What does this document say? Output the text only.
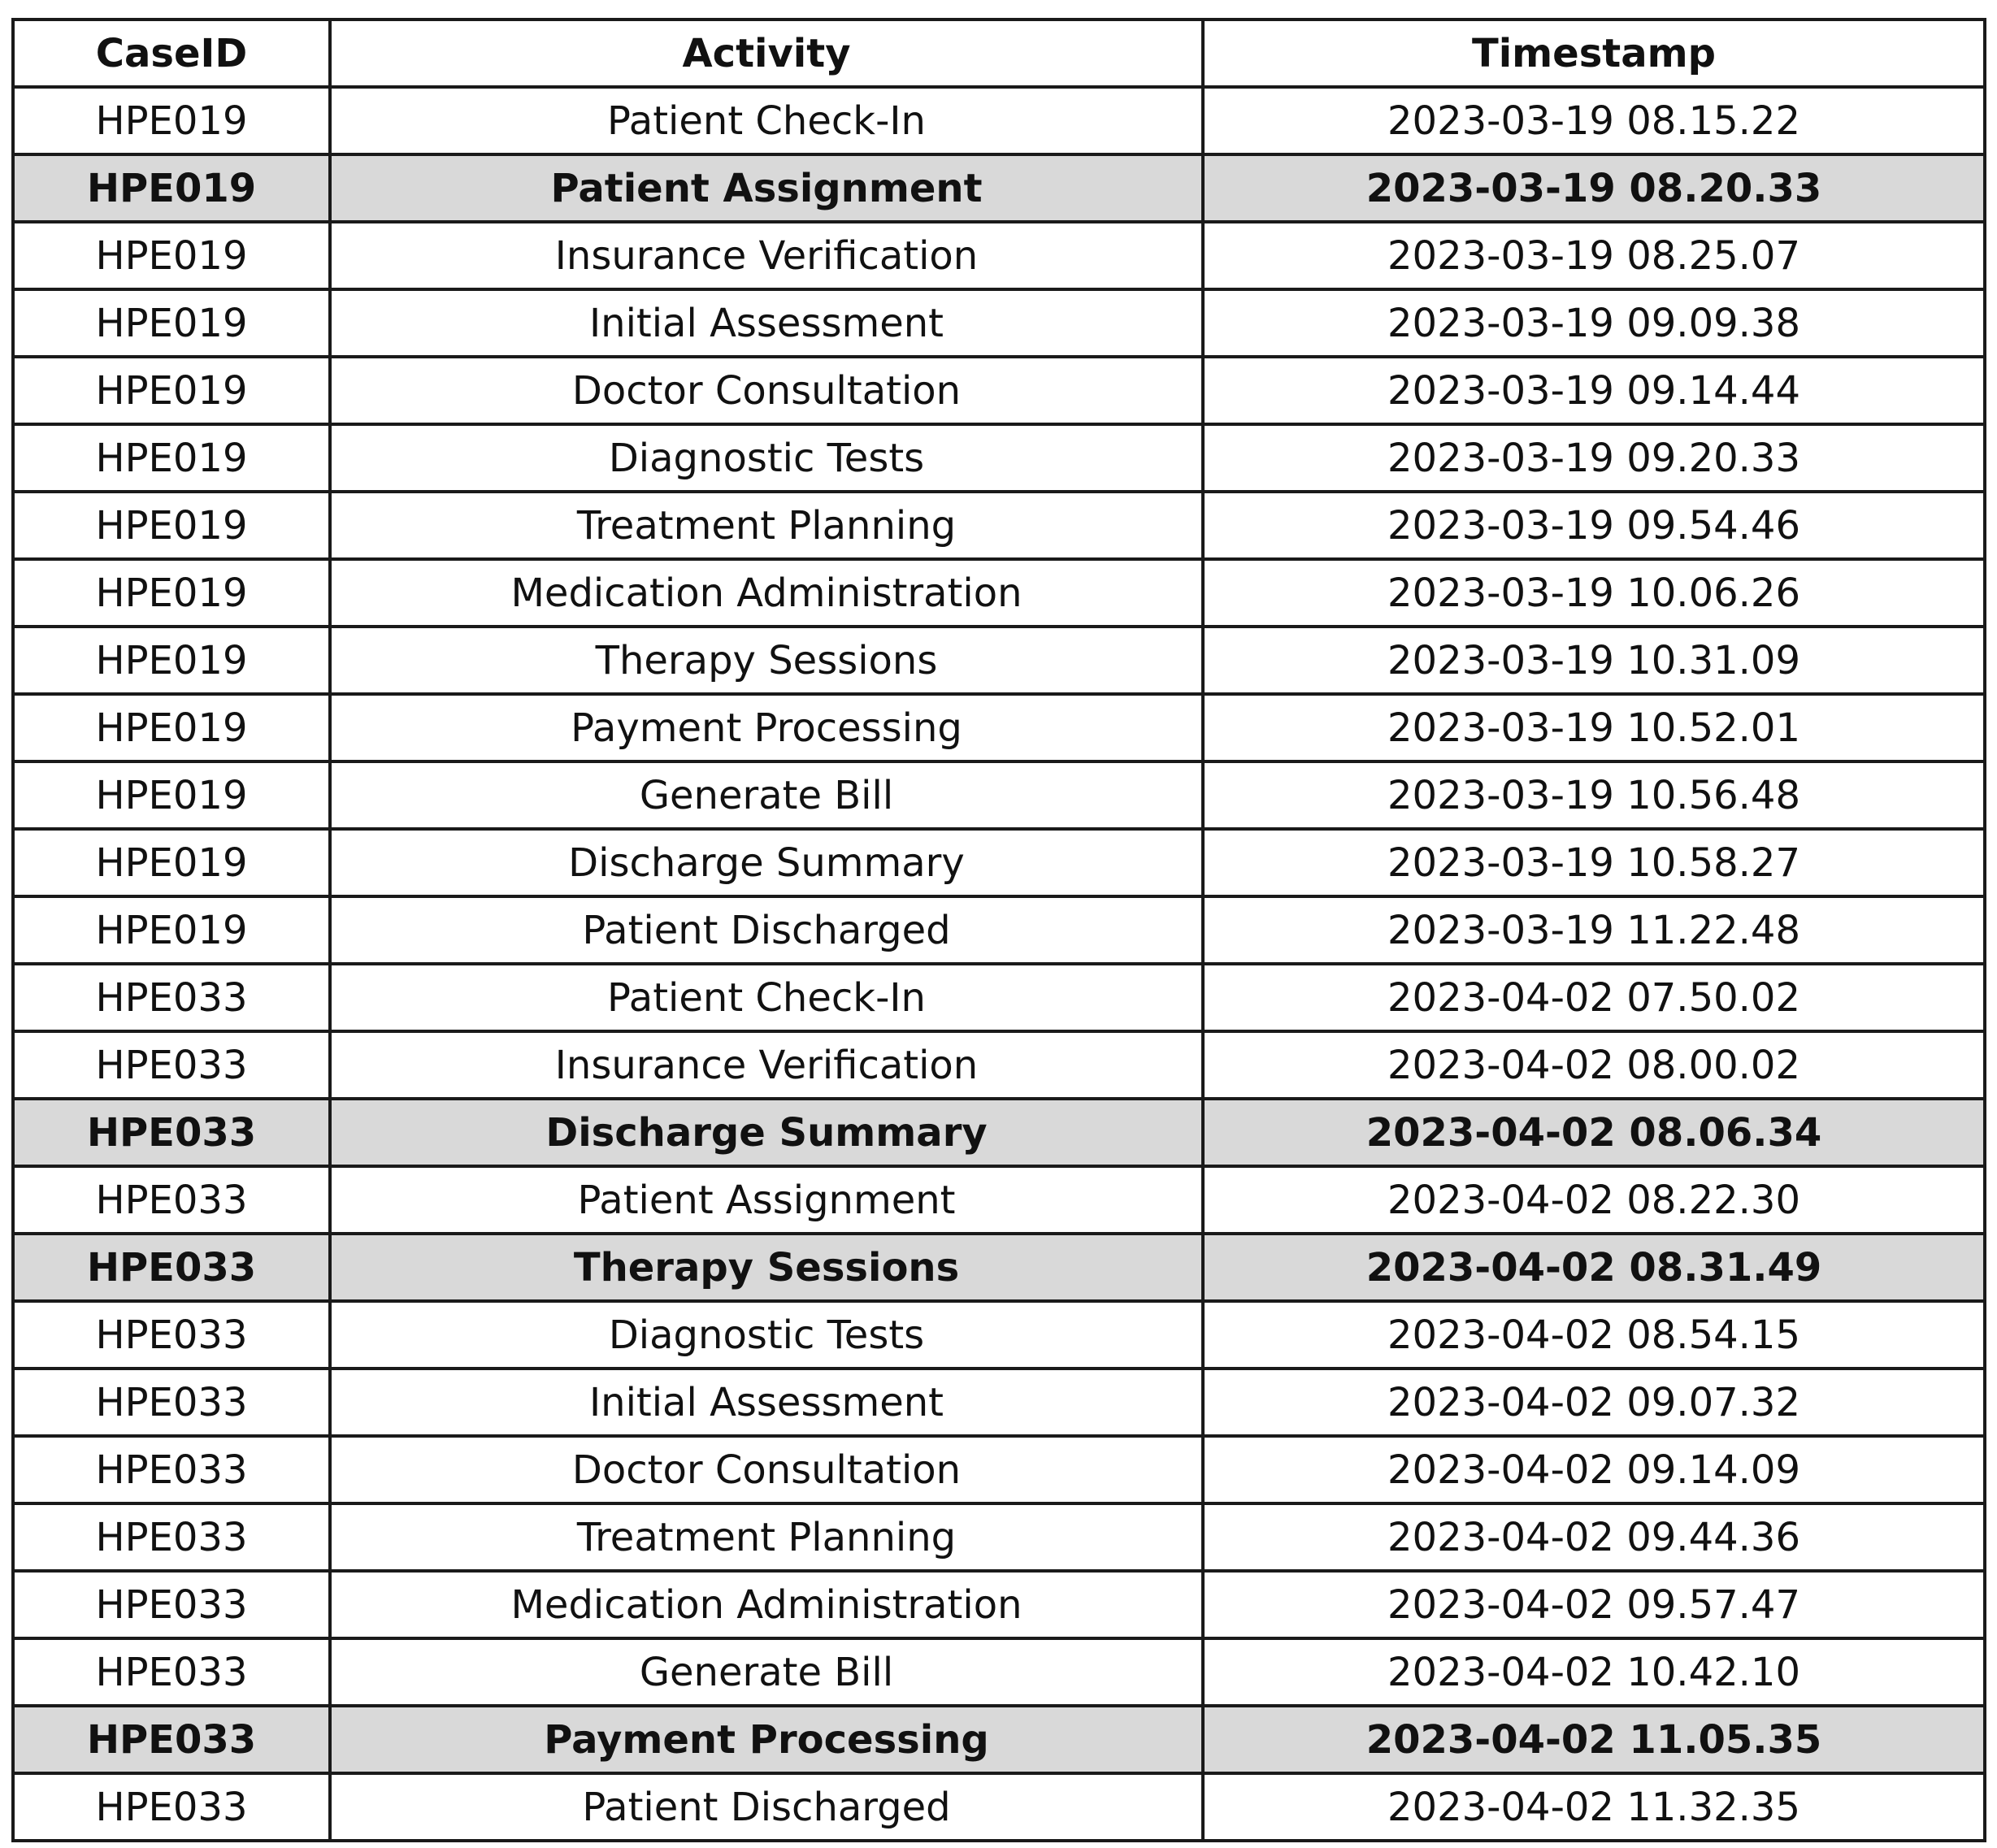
CaseID	Activity	Timestamp
HPE019	Patient Check-In	2023-03-19 08.15.22
HPE019	Patient Assignment	2023-03-19 08.20.33
HPE019	Insurance Verification	2023-03-19 08.25.07
HPE019	Initial Assessment	2023-03-19 09.09.38
HPE019	Doctor Consultation	2023-03-19 09.14.44
HPE019	Diagnostic Tests	2023-03-19 09.20.33
HPE019	Treatment Planning	2023-03-19 09.54.46
HPE019	Medication Administration	2023-03-19 10.06.26
HPE019	Therapy Sessions	2023-03-19 10.31.09
HPE019	Payment Processing	2023-03-19 10.52.01
HPE019	Generate Bill	2023-03-19 10.56.48
HPE019	Discharge Summary	2023-03-19 10.58.27
HPE019	Patient Discharged	2023-03-19 11.22.48
HPE033	Patient Check-In	2023-04-02 07.50.02
HPE033	Insurance Verification	2023-04-02 08.00.02
HPE033	Discharge Summary	2023-04-02 08.06.34
HPE033	Patient Assignment	2023-04-02 08.22.30
HPE033	Therapy Sessions	2023-04-02 08.31.49
HPE033	Diagnostic Tests	2023-04-02 08.54.15
HPE033	Initial Assessment	2023-04-02 09.07.32
HPE033	Doctor Consultation	2023-04-02 09.14.09
HPE033	Treatment Planning	2023-04-02 09.44.36
HPE033	Medication Administration	2023-04-02 09.57.47
HPE033	Generate Bill	2023-04-02 10.42.10
HPE033	Payment Processing	2023-04-02 11.05.35
HPE033	Patient Discharged	2023-04-02 11.32.35
